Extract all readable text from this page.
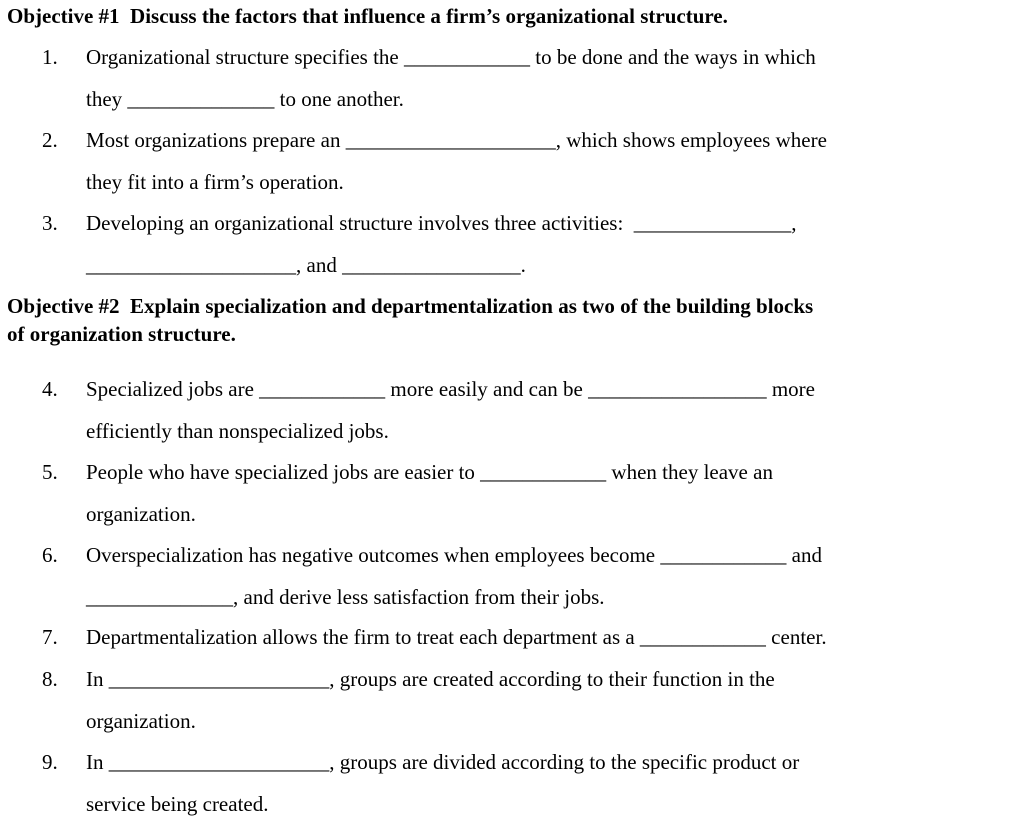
Objective #1  Discuss the factors that influence a firm’s organizational structure.
1. Organizational structure specifies the ____________ to be done and the ways in which
they ______________ to one another.
2. Most organizations prepare an ____________________, which shows employees where
they fit into a firm’s operation.
3. Developing an organizational structure involves three activities:  _______________,
____________________, and _________________.
Objective #2  Explain specialization and departmentalization as two of the building blocks
of organization structure.
4. Specialized jobs are ____________ more easily and can be _________________ more
efficiently than nonspecialized jobs.
5. People who have specialized jobs are easier to ____________ when they leave an
organization.
6. Overspecialization has negative outcomes when employees become ____________ and
______________, and derive less satisfaction from their jobs.
7. Departmentalization allows the firm to treat each department as a ____________ center.
8. In _____________________, groups are created according to their function in the
organization.
9. In _____________________, groups are divided according to the specific product or
service being created.
